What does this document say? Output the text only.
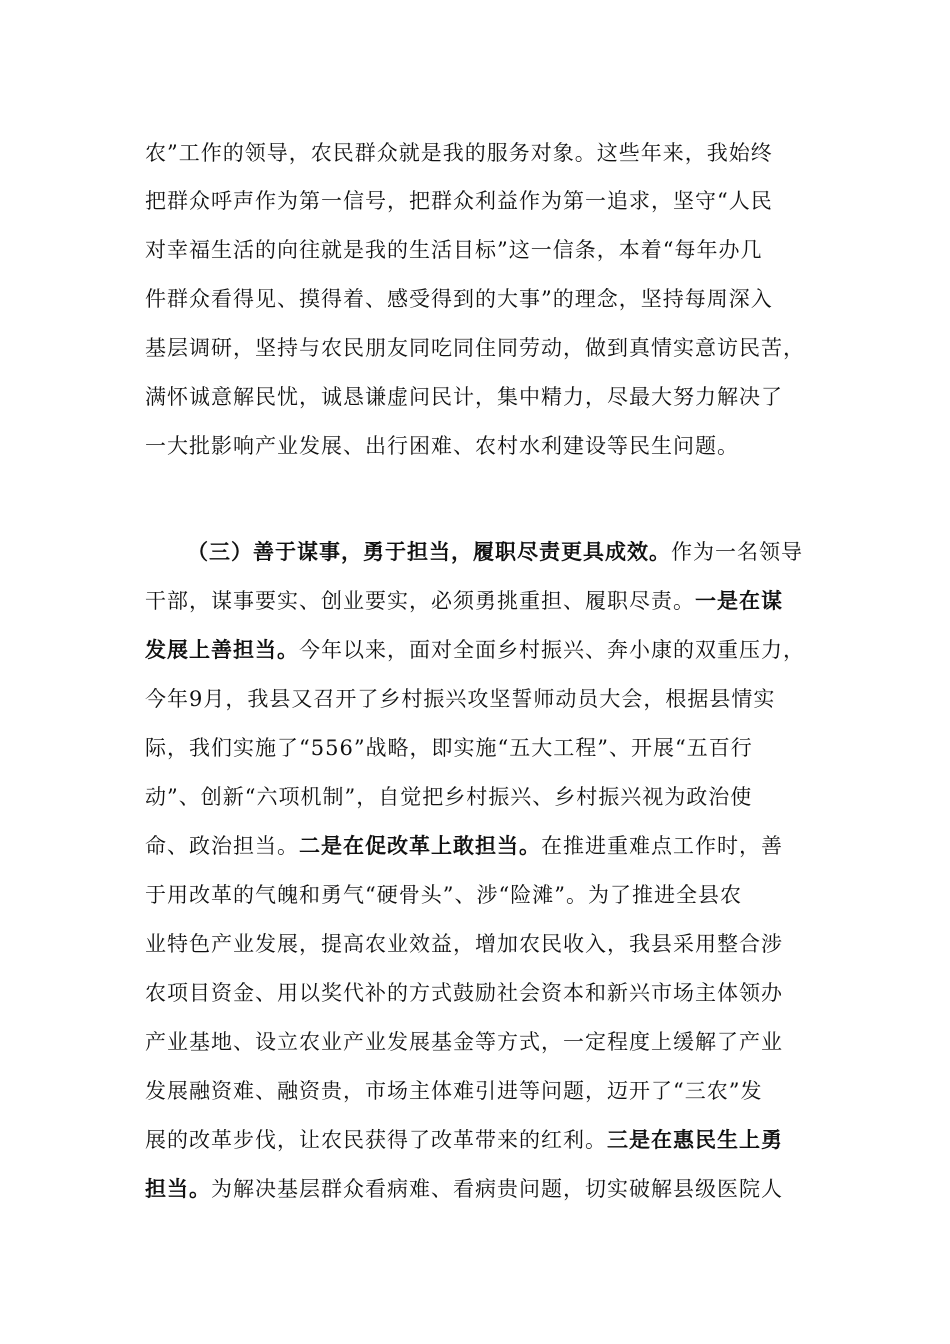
农”工作的领导，农民群众就是我的服务对象。这些年来，我始终
把群众呼声作为第一信号，把群众利益作为第一追求，坚守“人民
对幸福生活的向往就是我的生活目标”这一信条，本着“每年办几
件群众看得见、摸得着、感受得到的大事”的理念，坚持每周深入
基层调研，坚持与农民朋友同吃同住同劳动，做到真情实意访民苦，
满怀诚意解民忧，诚恳谦虚问民计，集中精力，尽最大努力解决了
一大批影响产业发展、出行困难、农村水利建设等民生问题。
（三）善于谋事，勇于担当，履职尽责更具成效。作为一名领导
干部，谋事要实、创业要实，必须勇挑重担、履职尽责。一是在谋
发展上善担当。今年以来，面对全面乡村振兴、奔小康的双重压力，
今年9月，我县又召开了乡村振兴攻坚誓师动员大会，根据县情实
际，我们实施了“556”战略，即实施“五大工程”、开展“五百行
动”、创新“六项机制”，自觉把乡村振兴、乡村振兴视为政治使
命、政治担当。二是在促改革上敢担当。在推进重难点工作时，善
于用改革的气魄和勇气“硬骨头”、涉“险滩”。为了推进全县农
业特色产业发展，提高农业效益，增加农民收入，我县采用整合涉
农项目资金、用以奖代补的方式鼓励社会资本和新兴市场主体领办
产业基地、设立农业产业发展基金等方式，一定程度上缓解了产业
发展融资难、融资贵，市场主体难引进等问题，迈开了“三农”发
展的改革步伐，让农民获得了改革带来的红利。三是在惠民生上勇
担当。为解决基层群众看病难、看病贵问题，切实破解县级医院人
